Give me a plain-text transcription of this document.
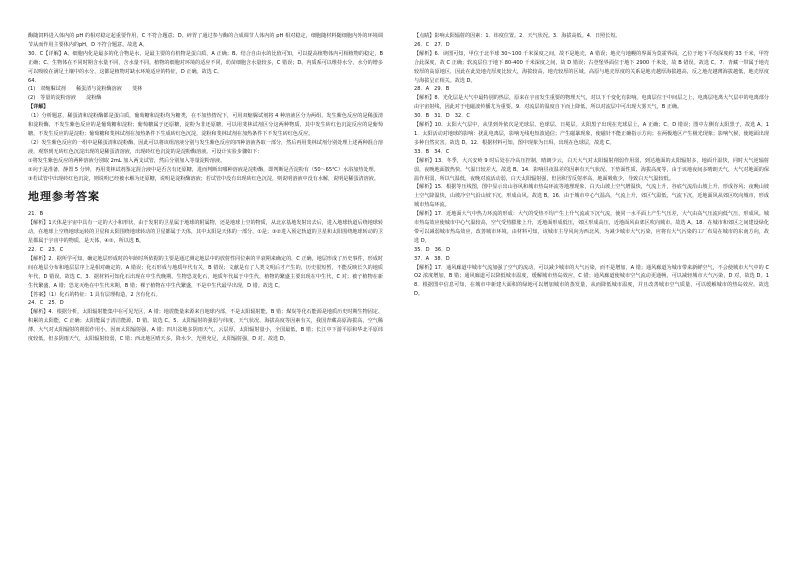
酶随饲料进入体内的 pH 的相对稳定起重要作用，C 不符合题意；D、碎胃了通过参与酶的合成调节人体内的 pH 相对稳定，细胞随材料随细胞内外的环境调节从而作用主要体内的pH，D 不符合题意。故选 A。

30．C【详解】A、细胞内化是最多的化合物是水，是最主要的有机物是蛋白质，A 正确；B、结合自由水的比值可知，可以提高植物体内可相植物的稳定，B 正确；C、生物体在不同时期含水量不同，含水量不同，植物的细胞对环境的适应不同，幼苗细胞含水量较多，C 错误；D、内质系可以维持水分，水分的增多可以吸收在满足土壤中的水分，这都是植物对缺水环境适应的特征，D 正确。故选 C。

64．

(1)　双缩脲试剂　　稀蛋清与淀粉酶溶液　　斐林

(2)　等量的淀粉溶液　　淀粉酶

【详解】

（1）分析题意，稀蛋清和淀粉酶都是蛋白质，葡萄糖和淀粉均为糖类，在不加热情况下，可用双缩脲试剂将 4 种溶液区分为两组，发生紫色反应的是稀蛋清和淀粉酶，不发生紫色反应的是葡萄糖和淀粉；葡萄糖属于还原糖，淀粉为非还原糖，可以用斐林试剂区分这两种物质，其中发生砖红色沉淀反应的是葡萄糖，不发生反应的是淀粉；葡萄糖和斐林试剂在加热条件下生成砖红色沉淀，淀粉和斐林试剂在加热条件下不发生砖红色反应。

（2）发生紫色反应的一组中是稀蛋清和淀粉酶，因此可以将该组溶液分别与发生紫色反应的四种溶液各取一部分，然后再用斐林试剂分别处理上述两种混合溶液，观察到无砖红色沉淀出现的是稀蛋清溶液，出现砖红色沉淀的是淀粉酶溶液。可设计实验步骤如下：

①将发生紫色反应的两种溶液分别取 2mL 加入两支试管，然后分别加入等量淀粉溶液。

②向于是准备，静置 5 分钟，再用斐林试剂鉴定混合液中是否含有还原糖，进而判断出哪种溶液是淀粉酶，即判断是否淀粉有（50～65℃）水浴加热处理。

③若试管中出现砖红色沉淀，则说明已经被水解为还原糖，说明是淀粉酶溶液；若试管中没有出现砖红色沉淀，则说明溶液中没有水解，说明是稀蛋清溶液。

地理参考答案

21．B

【解析】1天体是宇宙中具有一定的大小和形状，由于发射的卫星属于地球的附属物，还是地球上空的物质，从北京基地发射出去后，进入地球轨道后绕地球转动，在地球上空绕地球运转的卫星和太阳围绕地球转动的卫星都属于天体，其中太阳是天体的一部分，①是；③②进入预定轨道的卫星和太阳围绕地球转动的卫星都属于宇宙中的物质，是天体，④②，所以选 B。

22．C　23．C

【解析】2．据所学可知，确定地层形成时的年龄时所依据的主要是通过测定地层中的放射性同位素的半衰期来确定的，C 正确，地层形成了历史事件，形成时间在地层分布和地层层序上是相对确定的，A 错误；化石形成与地质年代有关，B 错误；文献是有了人类文明后才产生的，历史很短暂，不能反映长久的地质年代，D 错误。故选 C。3．据材料可知化石出现在中生代晚期，生物恐龙化石，地质年代属于中生代，植物的繁盛主要出现在中生代，C 对；被子植物在新生代繁盛，A 错；恐龙灭绝在中生代末期，B 错；裸子植物在中生代繁盛，不是中生代最早出现，D 错。故选 C。

【答案】（1）化石的特征：1 具有层理构造，2 含有化石。

24．C　25．D

【解析】4．根据分析，太阳辐射能集中在可见光区，A 错；地震能量来源来自地球内部，不是太阳辐射能，B 错；煤炭等化石能源是地质历史时期生物固定、积累的太阳能，C 正确；太阳能属于清洁能源，D 错。故选 C。5．太阳辐射的强弱与纬度、天气状况、海拔高度等因素有关，我国青藏高原海拔高、空气稀薄、大气对太阳辐射的削弱作用小，因而太阳辐射强，A 错；四川盆地多阴雨天气，云层厚，太阳辐射量小，全国最低，B 错；长江中下游平原和华北平原纬度较低，但多阴雨天气，太阳辐射较弱，C 错；西北地区晴天多，降水少，光照充足，太阳辐射强，D 对。故选 D。

【点睛】影响太阳辐射的因素：1．纬度位置。2．天气状况。3．海拔高低。4．日照长短。

26．C　27．D

【解析】6．读图可知，甲位于北半球 30~100 千米深度之间，故不是地壳，A 错误；地壳与地幔的界面为莫霍界面，乙位于地下平均深度约 33 千米，甲符合此深度，故 C 正确；软流层位于地下 80-400 千米深度之间，故 D 错误；古登堡界面位于地下 2900 千米处，故 B 错误。故选 C。7．青藏一带属于地壳较厚的高原地区，因此在此处地壳厚度比较大，海拔较高，地壳较厚的区域。高原与地壳厚度的关系是地壳越厚海拔越高，反之地壳越薄海拔越低，地壳厚度与海拔呈正相关。故选 D。

28．A　29．B

【解析】8．光化层是大气中最特别的热层，原来在宇宙发生重要的物理天气，对以下千变化有影响。电离层位于中间层之上，电离层电离大气层中的电离部分由宇宙射线，因此对于电磁波传播尤为重要。9．对流层的温度自下而上降低，所以对流层中可出现大雾天气，B 正确。

30．B　31．D　32．C

【解析】10．太阳大气层中，从里到外依次是光球层、色球层、日冕层。太阳黑子出现在光球层上，A 正确；C、D 错误；图中左侧有太阳黑子，故选 A。11．太阳活动对地球的影响：扰乱电离层，影响无线电短波通信；产生磁暴现象，使磁针不能正确指示方向；在两极地区产生极光现象；影响气候，使地面出现多种自然灾害。故选 D。12．根据材料可知，图中现象为日珥，出现在色球层，故选 C。

33．B　34．C

【解析】13．冬季，大兴安岭 9 时后处在冷高压控制，晴朗少云，白天大气对太阳辐射削弱作用弱，到达地面的太阳辐射多，地面升温快，同时大气逆辐射弱，夜晚地面散热快，气温日较差大，故选 B。14．影响昼夜温差的因素有天气状况、下垫面性质、海拔高度等，由于该地夜间多晴朗天气，大气对地面的保温作用弱，所以气温低，夜晚对流活动弱，白天太阳辐射强，但因积雪反射率高，地面吸收少，导致白天气温较低。

【解析】15．根据等压线图，图中显示出山谷风和城市热岛环流等地理现象，白天山坡上空气增温快，气流上升，谷底气流沿山坡上升，形成谷风；夜晚山坡上空气降温快，山坡冷空气沿山坡下沉，形成山风。故选 B。16．由于城市中心气温高，气流上升，郊区气温低，气流下沉，近地面风从郊区吹向城市，形成城市热岛环流。

【解析】17．近地面大气中热力环流的形成：大气的受热不均产生上升气流或下沉气流，使同一水平面上产生气压差，大气由高气压流向低气压，形成风。城市热岛效应使城市中心气温较高，空气受热膨胀上升，近地面形成低压，郊区形成高压，近地面风由郊区吹向城市。故选 A。18．在城市和郊区之间建设绿化带可以减弱城市热岛效应，改善城市环境。由材料可知，该城市主导风向为西北风，为减少城市大气污染，应将有大气污染的工厂布局在城市的东南方向，故选 D。

35．D　36．D

37．A　38．D

【解析】17．通风廊道中城市气流加强了空气的流动，可以减少城市的大气污染，而不是增加，A 错；通风廊道为城市带来新鲜空气，不会使城市大气中的 CO2 浓度增加，B 错；通风廊道可以降低城市温度，缓解城市热岛效应，C 错；通风廊道使城市空气流动更通畅，可以减轻城市大气污染，D 对。故选 D。18．根据图中信息可知，在城市中新建大面积的绿地可以增加城市的蒸发量，从而降低城市温度，并且改善城市空气质量，可以缓解城市的热岛效应。故选 D。
